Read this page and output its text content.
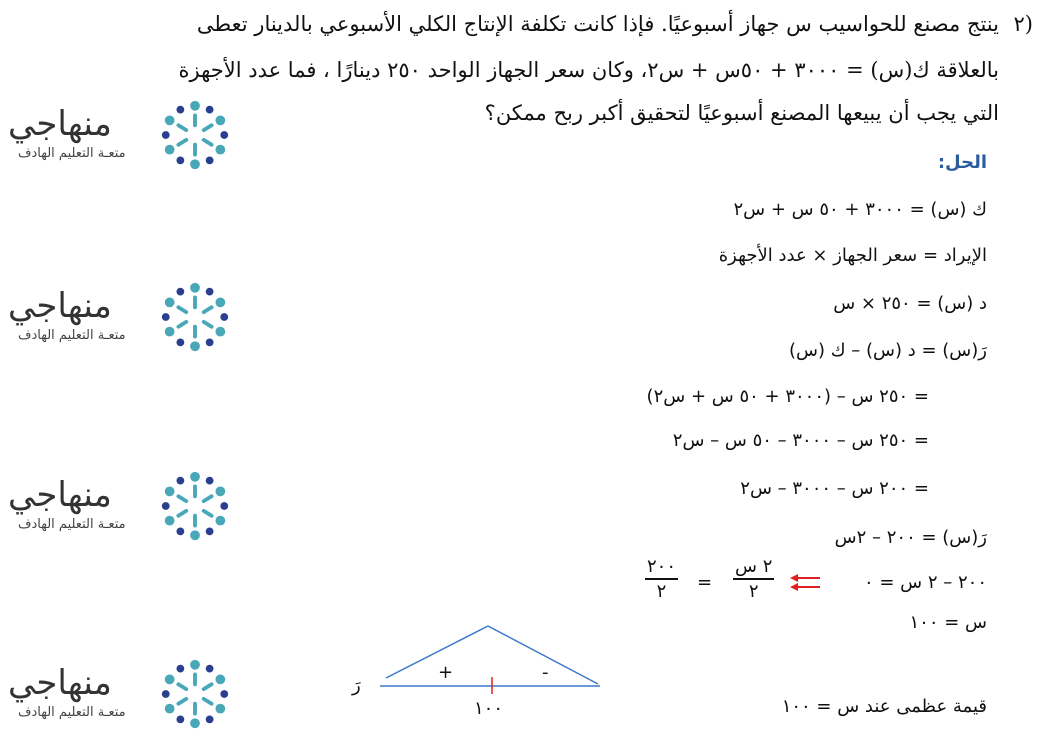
٢)
ينتج مصنع للحواسيب س جهاز أسبوعيًا. فإذا كانت تكلفة الإنتاج الكلي الأسبوعي بالدينار تعطى
بالعلاقة ك(س) = ٣٠٠٠ + ٥٠س + س٢، وكان سعر الجهاز الواحد ٢٥٠ دينارًا ، فما عدد الأجهزة
التي يجب أن يبيعها المصنع أسبوعيًا لتحقيق أكبر ربح ممكن؟
الحل:
ك (س) = ٣٠٠٠ + ٥٠ س + س٢
الإيراد = سعر الجهاز × عدد الأجهزة
د (س) = ٢٥٠ × س
رَ(س) = د (س) – ك (س)
= ٢٥٠ س – (٣٠٠٠ + ٥٠ س + س٢)
= ٢٥٠ س – ٣٠٠٠ – ٥٠ س – س٢
= ٢٠٠ س – ٣٠٠٠ – س٢
رَ(س) = ٢٠٠ – ٢س
٢٠٠ – ٢ س = ٠
٢ س
٢
=
٢٠٠
٢
س = ١٠٠
+	-
رَ
١٠٠	قيمة عظمى عند س = ١٠٠
منهاجي
متعـة التعليم الهادف
منهاجي
متعـة التعليم الهادف
منهاجي
متعـة التعليم الهادف
منهاجي
متعـة التعليم الهادف
